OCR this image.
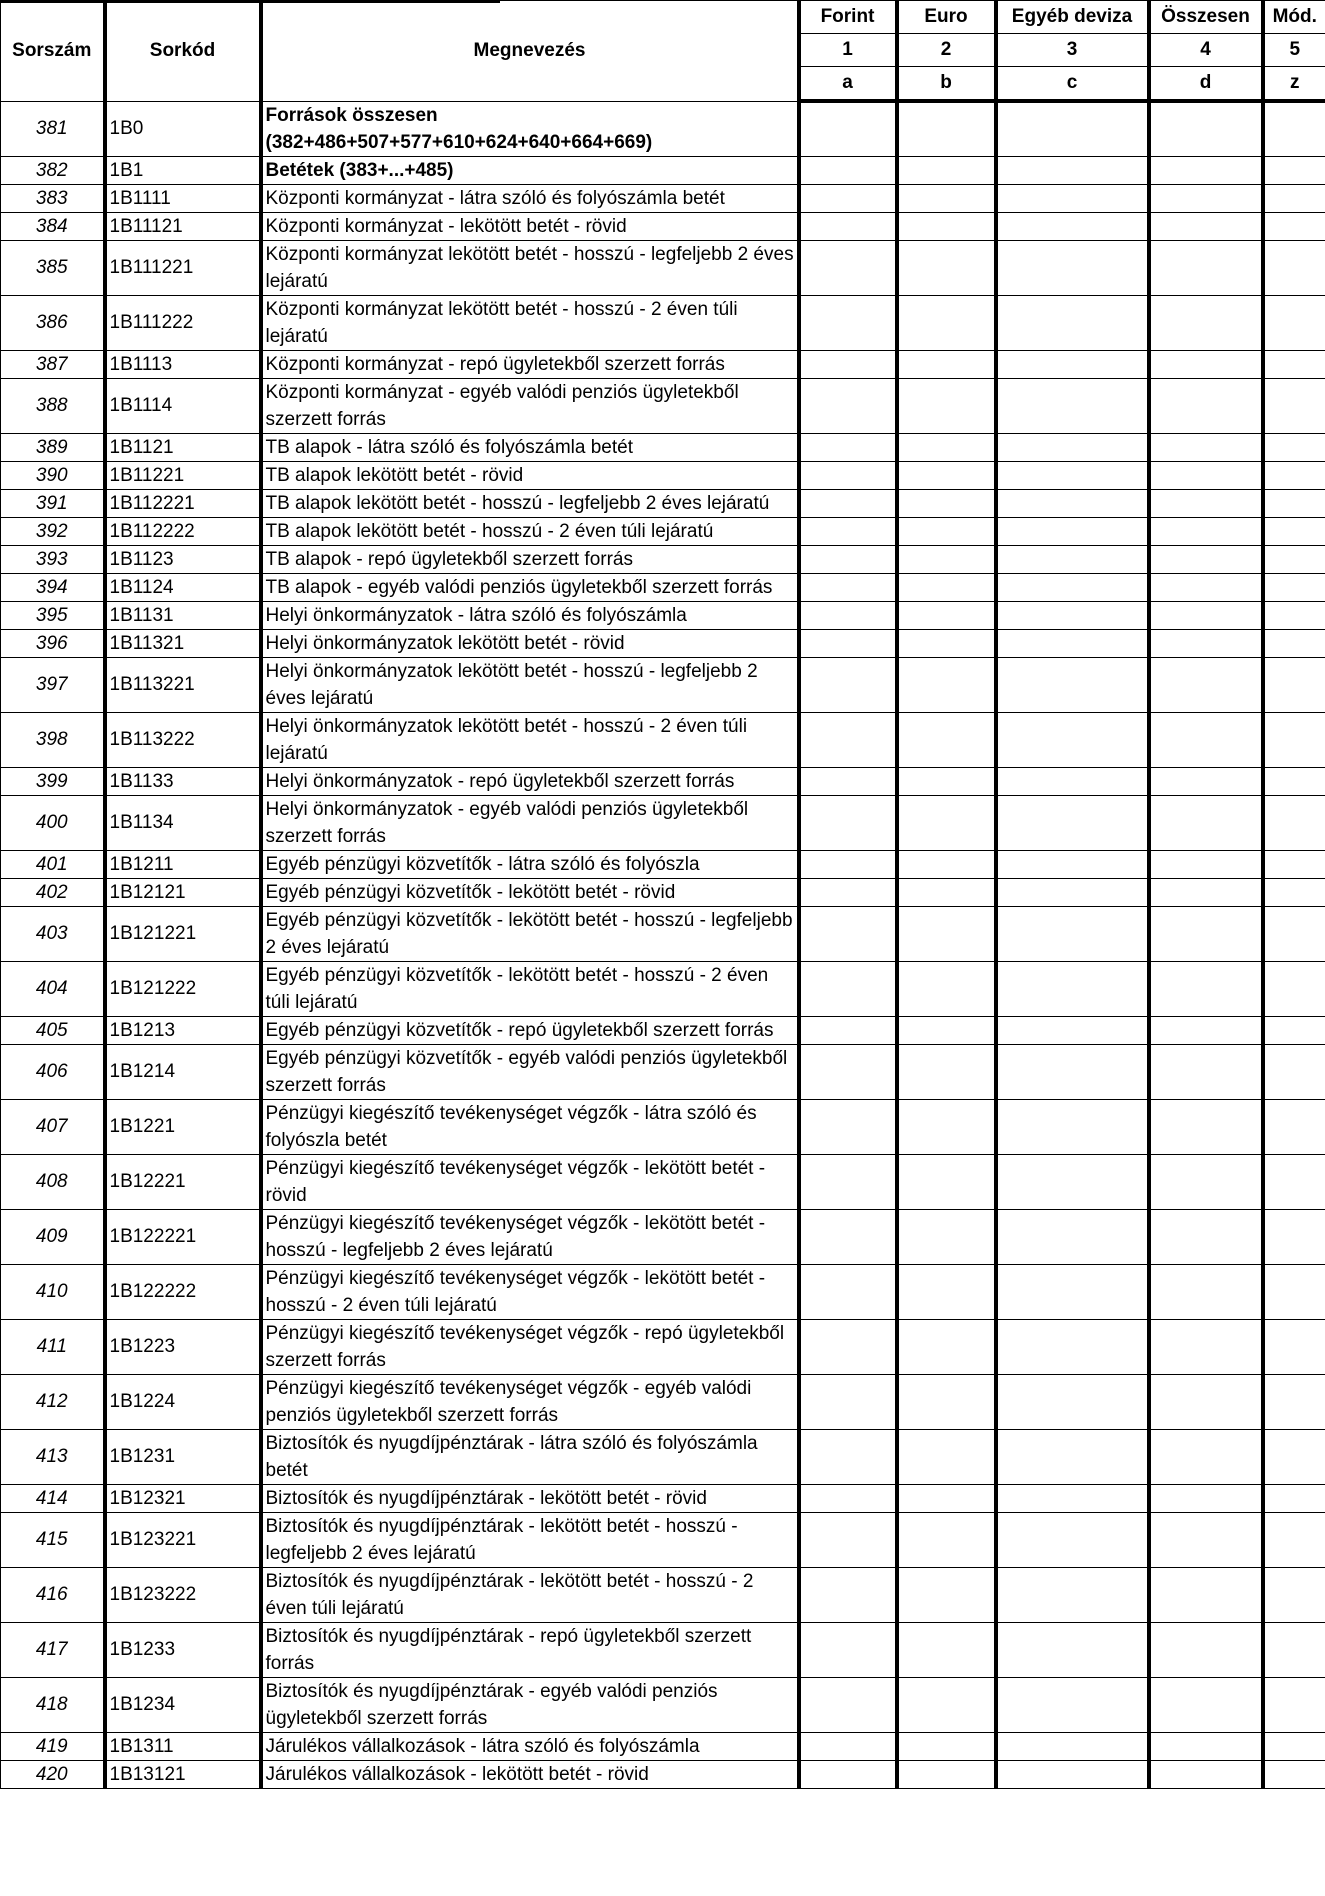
Sorszám	Sorkód	Megnevezés	Forint	Euro	Egyéb deviza	Összesen	Mód.
			1	2	3	4	5
			a	b	c	d	z
381	1B0	Források összesen (382+486+507+577+610+624+640+664+669)					
382	1B1	Betétek (383+...+485)					
383	1B1111	Központi kormányzat - látra szóló és folyószámla betét					
384	1B11121	Központi kormányzat - lekötött betét - rövid					
385	1B111221	Központi kormányzat lekötött betét - hosszú - legfeljebb 2 éves lejáratú					
386	1B111222	Központi kormányzat lekötött betét - hosszú - 2 éven túli lejáratú					
387	1B1113	Központi kormányzat - repó ügyletekből szerzett forrás					
388	1B1114	Központi kormányzat - egyéb valódi penziós ügyletekből szerzett forrás					
389	1B1121	TB alapok - látra szóló és folyószámla betét					
390	1B11221	TB alapok lekötött betét - rövid					
391	1B112221	TB alapok lekötött betét - hosszú - legfeljebb 2 éves lejáratú					
392	1B112222	TB alapok lekötött betét - hosszú - 2 éven túli lejáratú					
393	1B1123	TB alapok - repó ügyletekből szerzett forrás					
394	1B1124	TB alapok - egyéb valódi penziós ügyletekből szerzett forrás					
395	1B1131	Helyi önkormányzatok - látra szóló és folyószámla					
396	1B11321	Helyi önkormányzatok lekötött betét - rövid					
397	1B113221	Helyi önkormányzatok lekötött betét - hosszú - legfeljebb 2 éves lejáratú					
398	1B113222	Helyi önkormányzatok lekötött betét - hosszú - 2 éven túli lejáratú					
399	1B1133	Helyi önkormányzatok - repó ügyletekből szerzett forrás					
400	1B1134	Helyi önkormányzatok - egyéb valódi penziós ügyletekből szerzett forrás					
401	1B1211	Egyéb pénzügyi közvetítők - látra szóló és folyószla					
402	1B12121	Egyéb pénzügyi közvetítők - lekötött betét - rövid					
403	1B121221	Egyéb pénzügyi közvetítők - lekötött betét - hosszú - legfeljebb 2 éves lejáratú					
404	1B121222	Egyéb pénzügyi közvetítők - lekötött betét - hosszú - 2 éven túli lejáratú					
405	1B1213	Egyéb pénzügyi közvetítők - repó ügyletekből szerzett forrás					
406	1B1214	Egyéb pénzügyi közvetítők - egyéb valódi penziós ügyletekből szerzett forrás					
407	1B1221	Pénzügyi kiegészítő tevékenységet végzők - látra szóló és folyószla betét					
408	1B12221	Pénzügyi kiegészítő tevékenységet végzők - lekötött betét - rövid					
409	1B122221	Pénzügyi kiegészítő tevékenységet végzők - lekötött betét - hosszú - legfeljebb 2 éves lejáratú					
410	1B122222	Pénzügyi kiegészítő tevékenységet végzők - lekötött betét - hosszú - 2 éven túli lejáratú					
411	1B1223	Pénzügyi kiegészítő tevékenységet végzők - repó ügyletekből szerzett forrás					
412	1B1224	Pénzügyi kiegészítő tevékenységet végzők - egyéb valódi penziós ügyletekből szerzett forrás					
413	1B1231	Biztosítók és nyugdíjpénztárak - látra szóló és folyószámla betét					
414	1B12321	Biztosítók és nyugdíjpénztárak - lekötött betét - rövid					
415	1B123221	Biztosítók és nyugdíjpénztárak - lekötött betét - hosszú - legfeljebb 2 éves lejáratú					
416	1B123222	Biztosítók és nyugdíjpénztárak - lekötött betét - hosszú - 2 éven túli lejáratú					
417	1B1233	Biztosítók és nyugdíjpénztárak - repó ügyletekből szerzett forrás					
418	1B1234	Biztosítók és nyugdíjpénztárak - egyéb valódi penziós ügyletekből szerzett forrás					
419	1B1311	Járulékos vállalkozások - látra szóló és folyószámla					
420	1B13121	Járulékos vállalkozások - lekötött betét - rövid					
